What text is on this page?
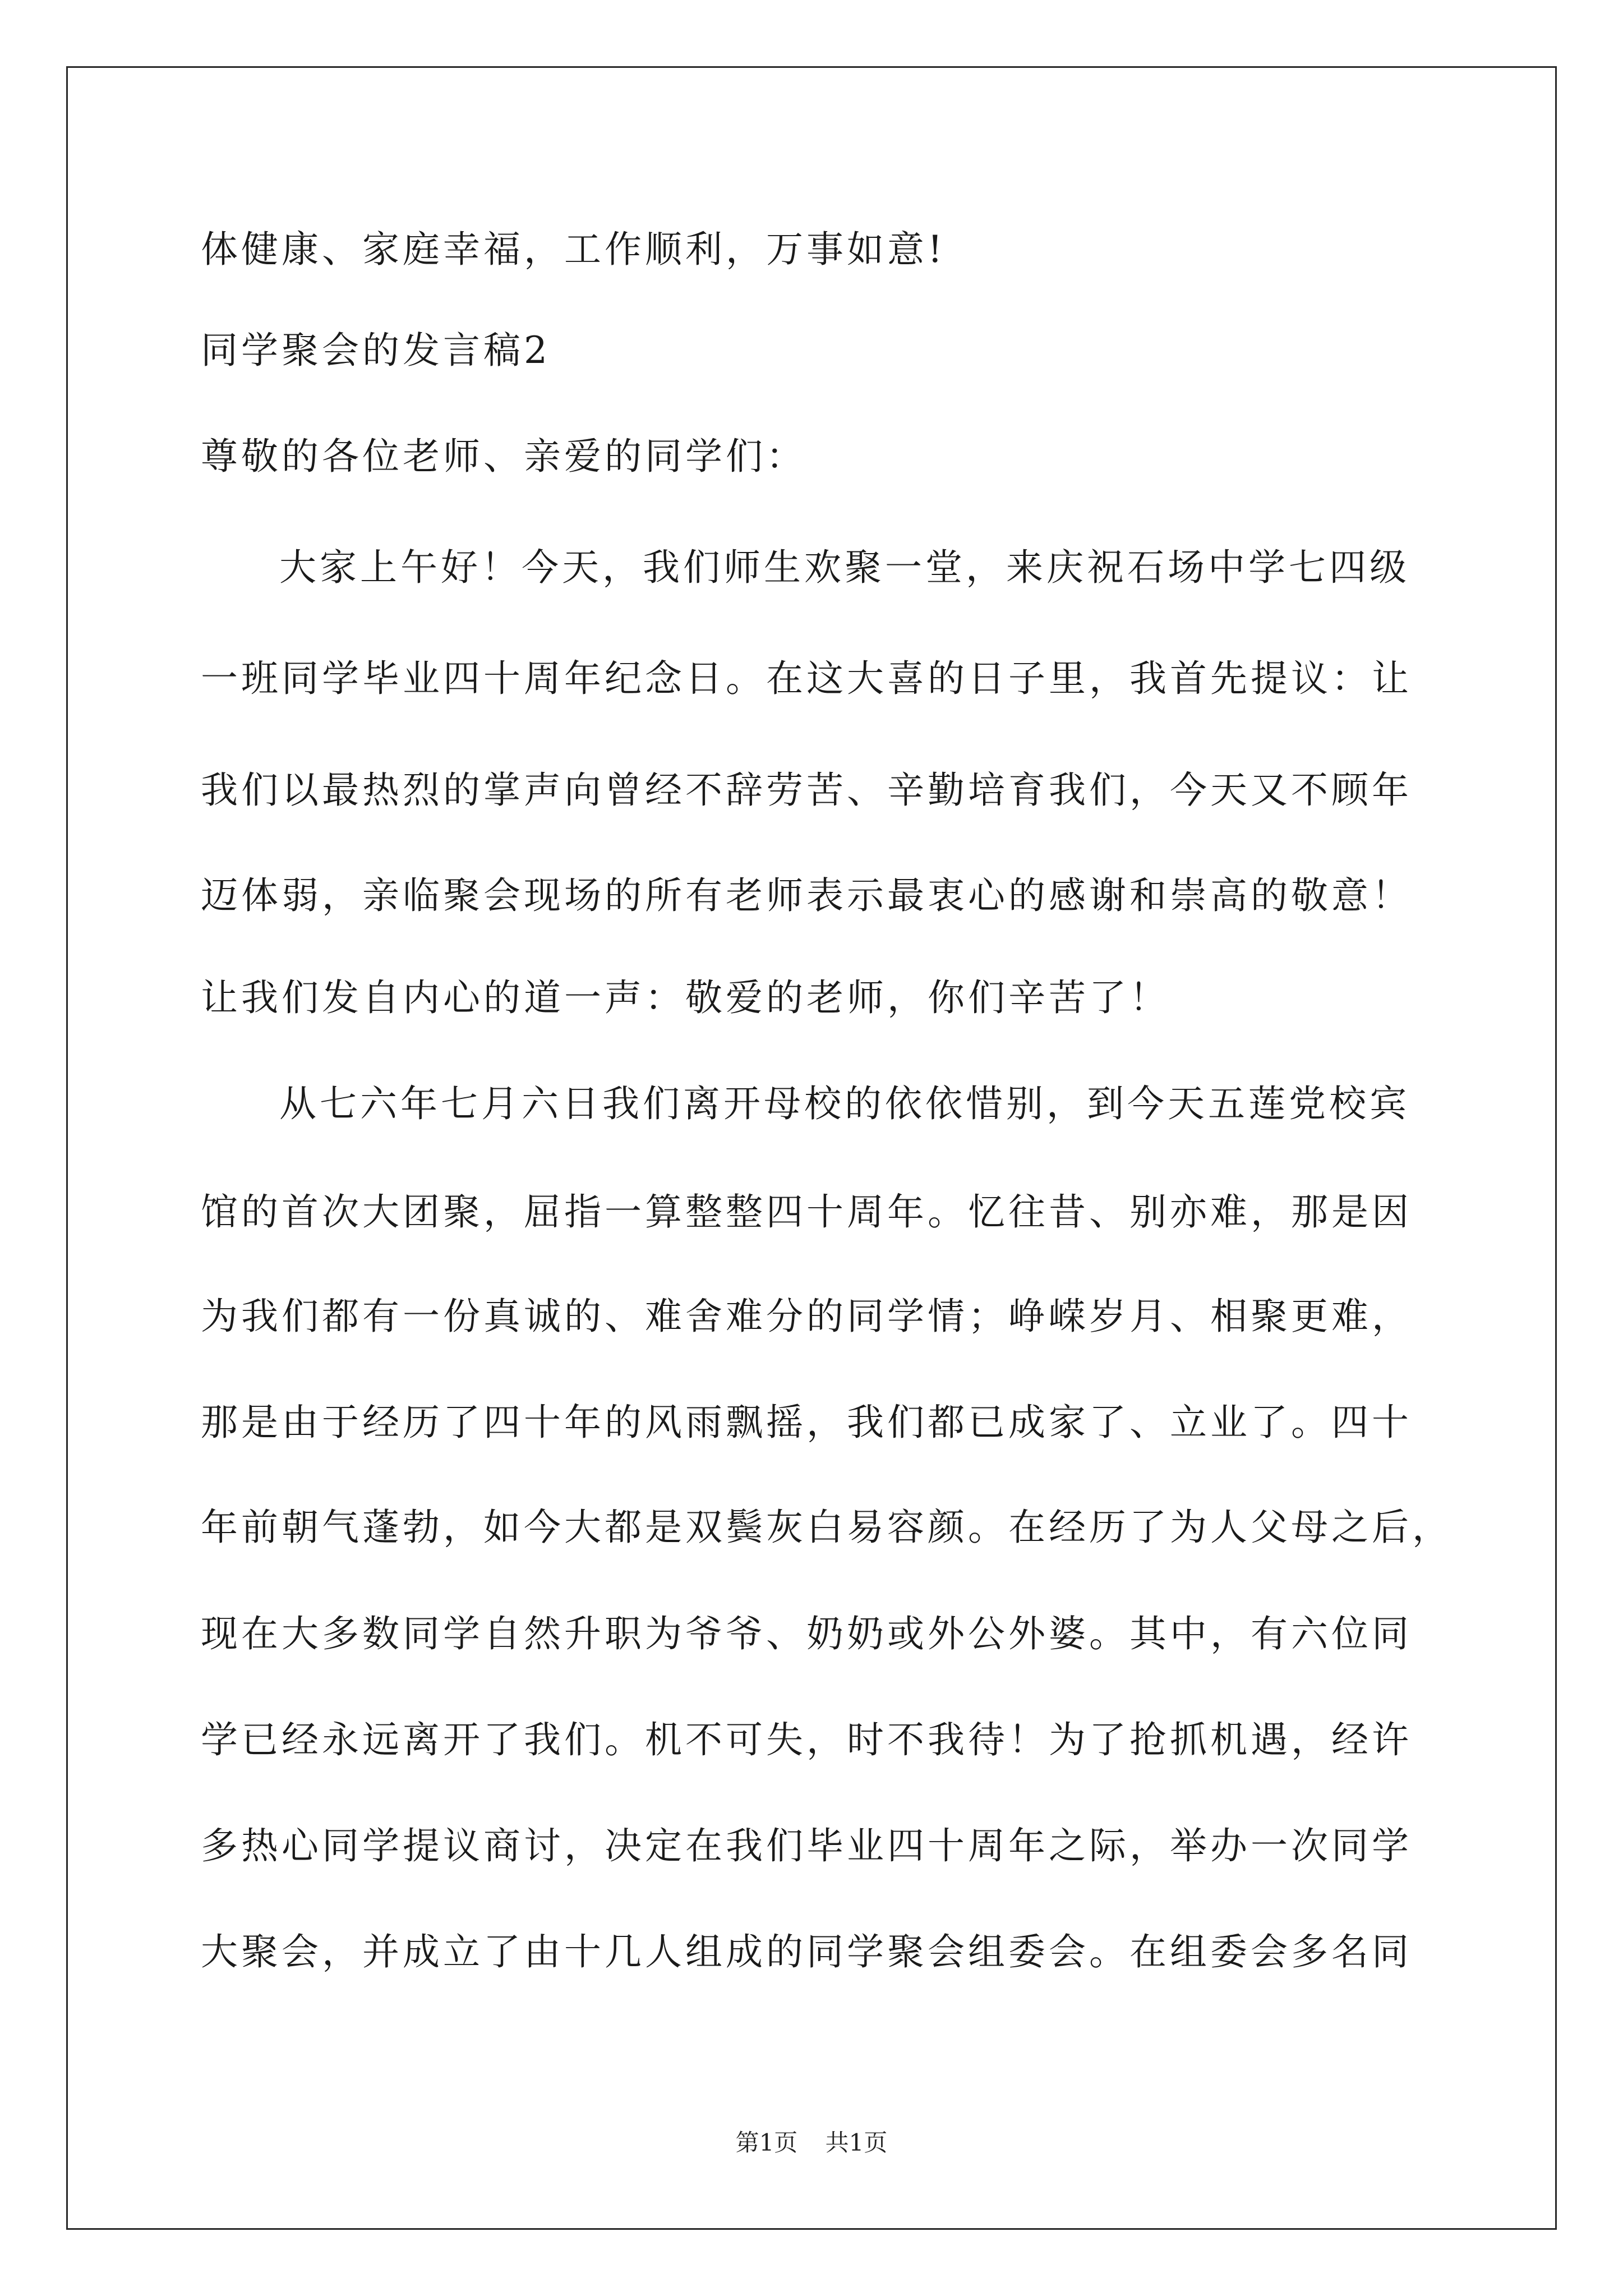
体健康、家庭幸福，工作顺利，万事如意!
同学聚会的发言稿2
尊敬的各位老师、亲爱的同学们：
大家上午好！今天，我们师生欢聚一堂，来庆祝石场中学七四级
一班同学毕业四十周年纪念日。在这大喜的日子里，我首先提议：让
我们以最热烈的掌声向曾经不辞劳苦、辛勤培育我们，今天又不顾年
迈体弱，亲临聚会现场的所有老师表示最衷心的感谢和崇高的敬意！
让我们发自内心的道一声：敬爱的老师，你们辛苦了！
从七六年七月六日我们离开母校的依依惜别，到今天五莲党校宾
馆的首次大团聚，屈指一算整整四十周年。忆往昔、别亦难，那是因
为我们都有一份真诚的、难舍难分的同学情；峥嵘岁月、相聚更难，
那是由于经历了四十年的风雨飘摇，我们都已成家了、立业了。四十
年前朝气蓬勃，如今大都是双鬓灰白易容颜。在经历了为人父母之后，
现在大多数同学自然升职为爷爷、奶奶或外公外婆。其中，有六位同
学已经永远离开了我们。机不可失，时不我待！为了抢抓机遇，经许
多热心同学提议商讨，决定在我们毕业四十周年之际，举办一次同学
大聚会，并成立了由十几人组成的同学聚会组委会。在组委会多名同
第1页 共1页
